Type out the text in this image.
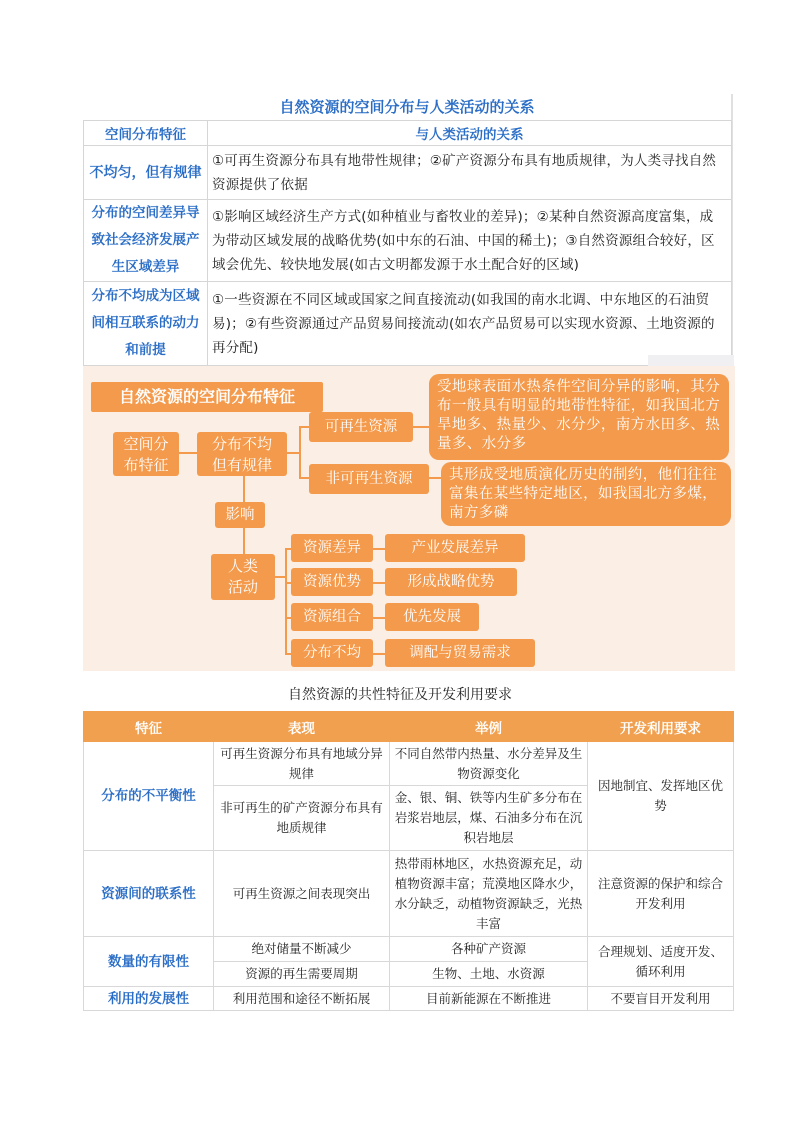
自然资源的空间分布与人类活动的关系
空间分布特征	与人类活动的关系
不均匀，但有规律	①可再生资源分布具有地带性规律；②矿产资源分布具有地质规律，为人类寻找自然资源提供了依据
分布的空间差异导致社会经济发展产生区域差异	①影响区域经济生产方式(如种植业与畜牧业的差异)；②某种自然资源高度富集，成为带动区域发展的战略优势(如中东的石油、中国的稀土)；③自然资源组合较好，区域会优先、较快地发展(如古文明都发源于水土配合好的区域)
分布不均成为区域间相互联系的动力和前提	①一些资源在不同区域或国家之间直接流动(如我国的南水北调、中东地区的石油贸易)；②有些资源通过产品贸易间接流动(如农产品贸易可以实现水资源、土地资源的再分配)
自然资源的空间分布特征
空间分布特征
分布不均但有规律
可再生资源
非可再生资源
受地球表面水热条件空间分异的影响，其分布一般具有明显的地带性特征，如我国北方旱地多、热量少、水分少，南方水田多、热量多、水分多
其形成受地质演化历史的制约，他们往往富集在某些特定地区，如我国北方多煤，南方多磷
影响
人类活动
资源差异	产业发展差异
资源优势	形成战略优势
资源组合	优先发展
分布不均	调配与贸易需求
自然资源的共性特征及开发利用要求
特征	表现	举例	开发利用要求
分布的不平衡性	可再生资源分布具有地域分异规律	不同自然带内热量、水分差异及生物资源变化	因地制宜、发挥地区优势
	非可再生的矿产资源分布具有地质规律	金、银、铜、铁等内生矿多分布在岩浆岩地层，煤、石油多分布在沉积岩地层	
资源间的联系性	可再生资源之间表现突出	热带雨林地区，水热资源充足，动植物资源丰富；荒漠地区降水少，水分缺乏，动植物资源缺乏，光热丰富	注意资源的保护和综合开发利用
数量的有限性	绝对储量不断减少	各种矿产资源	合理规划、适度开发、循环利用
	资源的再生需要周期	生物、土地、水资源	
利用的发展性	利用范围和途径不断拓展	目前新能源在不断推进	不要盲目开发利用
